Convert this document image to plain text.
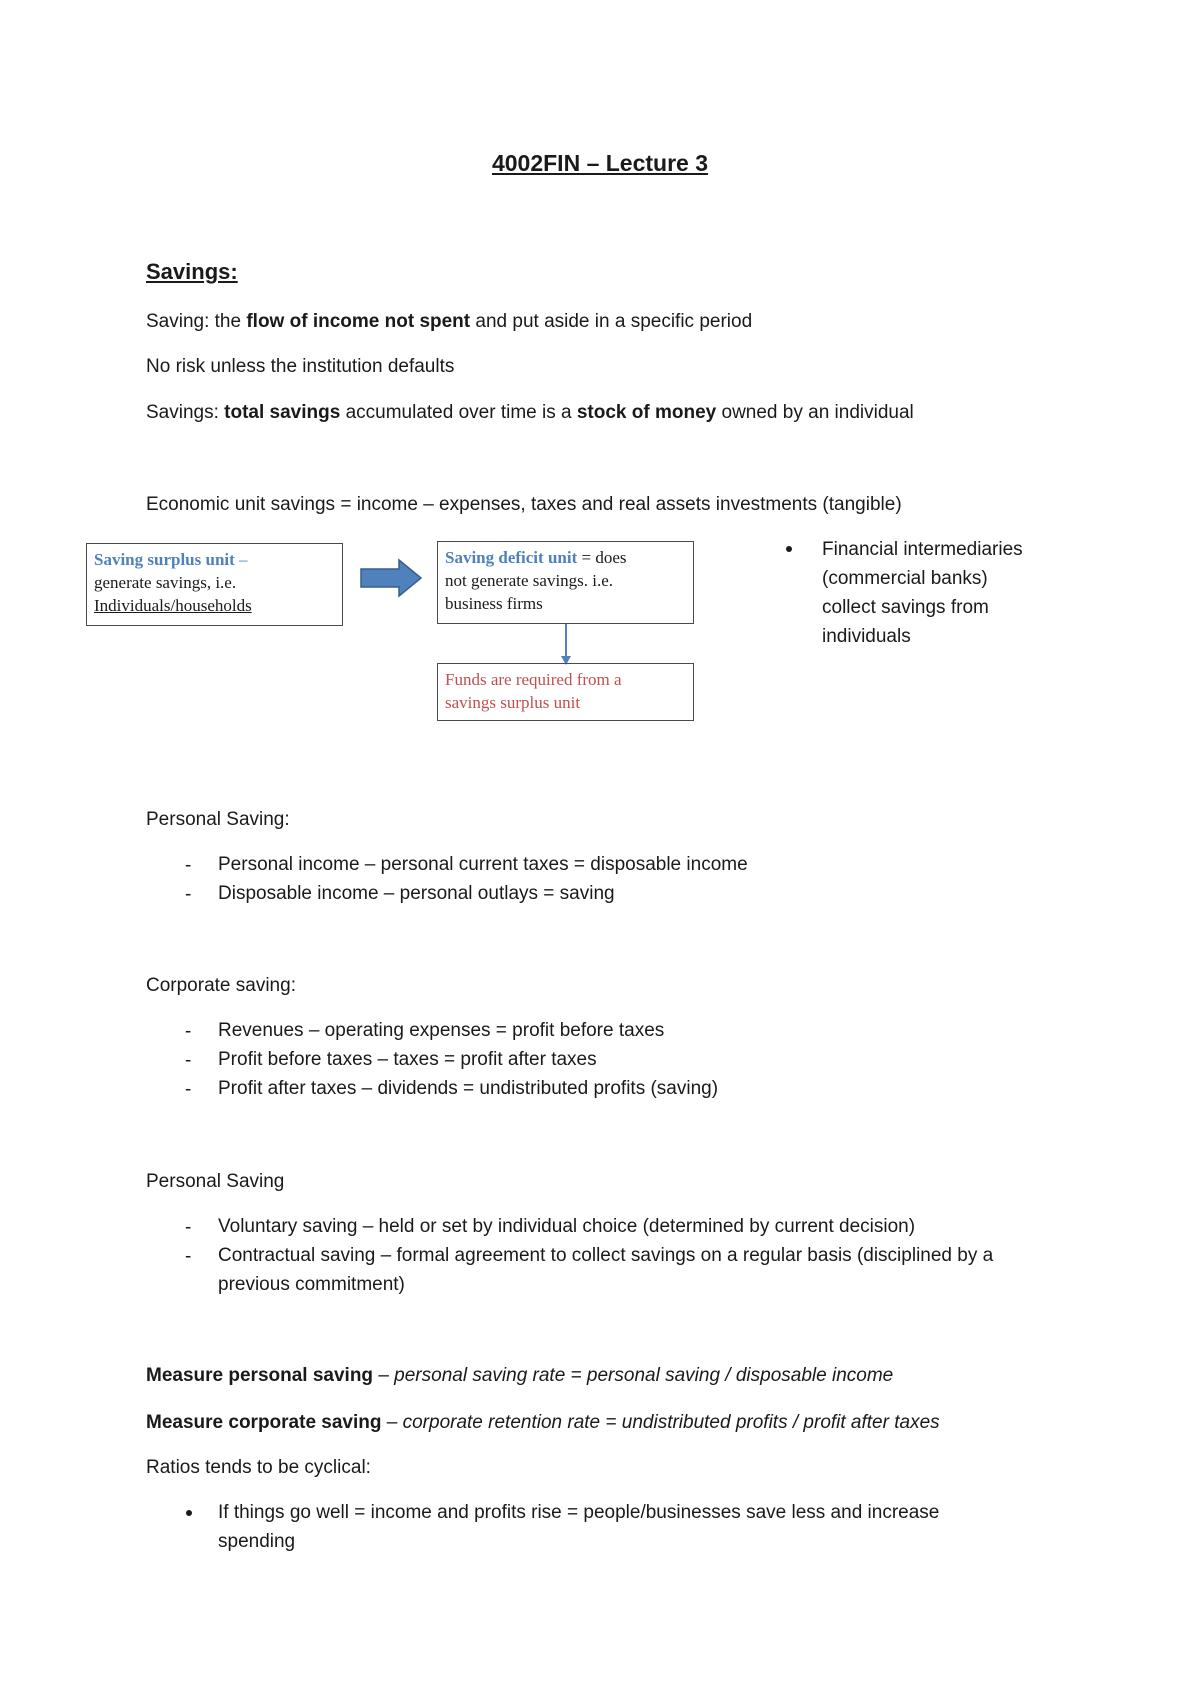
4002FIN – Lecture 3
Savings:
Saving: the flow of income not spent and put aside in a specific period
No risk unless the institution defaults
Savings: total savings accumulated over time is a stock of money owned by an individual
Economic unit savings = income – expenses, taxes and real assets investments (tangible)
Saving surplus unit –
generate savings, i.e.
Individuals/households
Saving deficit unit = does
not generate savings. i.e.
business firms
Funds are required from a
savings surplus unit
Financial intermediaries
(commercial banks)
collect savings from
individuals
Personal Saving:
- Personal income – personal current taxes = disposable income
- Disposable income – personal outlays = saving
Corporate saving:
- Revenues – operating expenses = profit before taxes
- Profit before taxes – taxes = profit after taxes
- Profit after taxes – dividends = undistributed profits (saving)
Personal Saving
- Voluntary saving – held or set by individual choice (determined by current decision)
- Contractual saving – formal agreement to collect savings on a regular basis (disciplined by a
previous commitment)
Measure personal saving – personal saving rate = personal saving / disposable income
Measure corporate saving – corporate retention rate = undistributed profits / profit after taxes
Ratios tends to be cyclical:
If things go well = income and profits rise = people/businesses save less and increase
spending
